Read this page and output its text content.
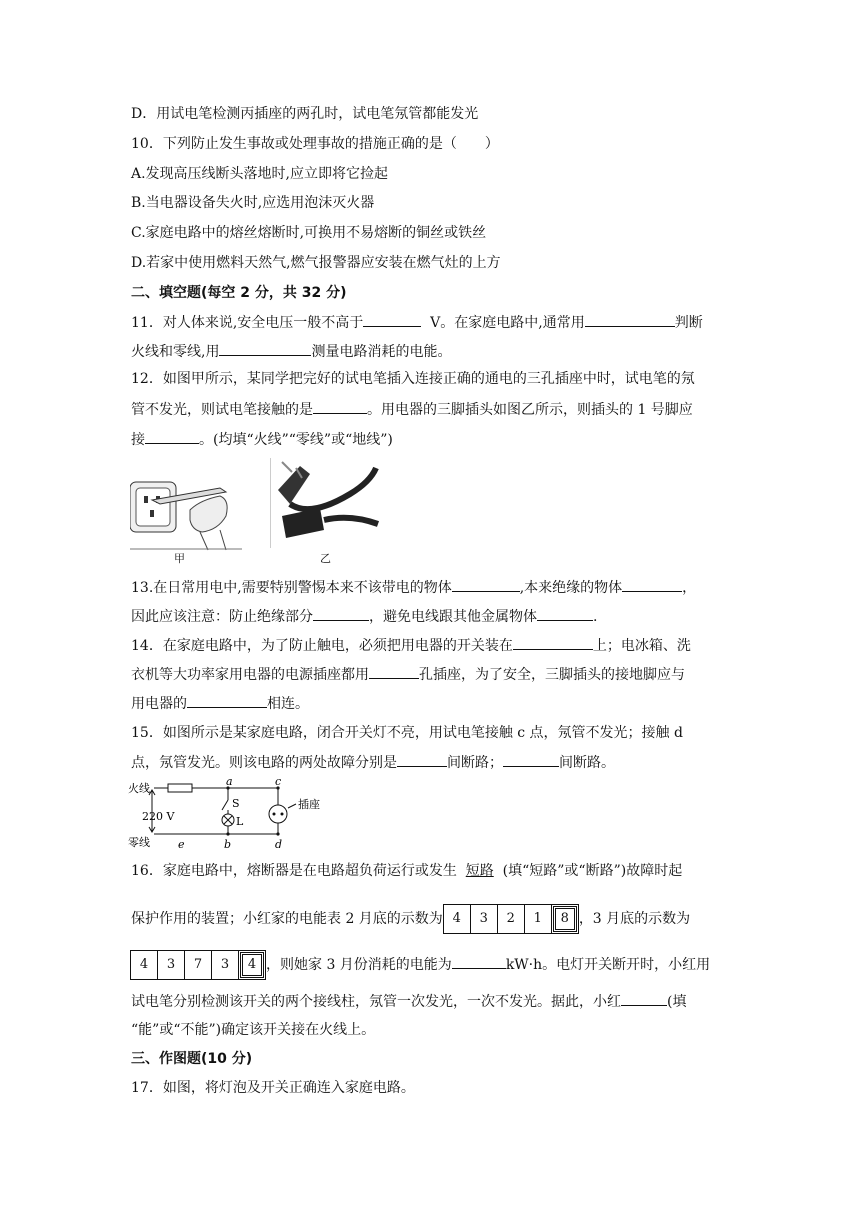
D．用试电笔检测丙插座的两孔时，试电笔氖管都能发光
10．下列防止发生事故或处理事故的措施正确的是（　　）
A.发现高压线断头落地时,应立即将它捡起
B.当电器设备失火时,应选用泡沫灭火器
C.家庭电路中的熔丝熔断时,可换用不易熔断的铜丝或铁丝
D.若家中使用燃料天然气,燃气报警器应安装在燃气灶的上方
二、填空题(每空 2 分，共 32 分)
11．对人体来说,安全电压一般不高于	V。在家庭电路中,通常用	判断
火线和零线,用	测量电路消耗的电能。
12．如图甲所示，某同学把完好的试电笔插入连接正确的通电的三孔插座中时，试电笔的氖
管不发光，则试电笔接触的是	。用电器的三脚插头如图乙所示，则插头的 1 号脚应
接	。(均填“火线”“零线”或“地线”)
甲	乙
13.在日常用电中,需要特别警惕本来不该带电的物体	,本来绝缘的物体	，
因此应该注意：防止绝缘部分	，避免电线跟其他金属物体	.
14．在家庭电路中，为了防止触电，必须把用电器的开关装在	上；电冰箱、洗
衣机等大功率家用电器的电源插座都用	孔插座，为了安全，三脚插头的接地脚应与
用电器的	相连。
15．如图所示是某家庭电路，闭合开关灯不亮，用试电笔接触 c 点，氖管不发光；接触 d
点，氖管发光。则该电路的两处故障分别是	间断路；	间断路。
火线
零线
220 V
a	c
b	d
e
S
L
插座
16．家庭电路中，熔断器是在电路超负荷运行或发生 短路 (填“短路”或“断路”)故障时起
保护作用的装置；小红家的电能表 2 月底的示数为 4	3	2	1	8 ，3 月底的示数为
4	3	7	3	4 ，则她家 3 月份消耗的电能为	kW·h。电灯开关断开时，小红用
试电笔分别检测该开关的两个接线柱，氖管一次发光，一次不发光。据此，小红	(填
“能”或“不能”)确定该开关接在火线上。
三、作图题(10 分)
17．如图，将灯泡及开关正确连入家庭电路。
